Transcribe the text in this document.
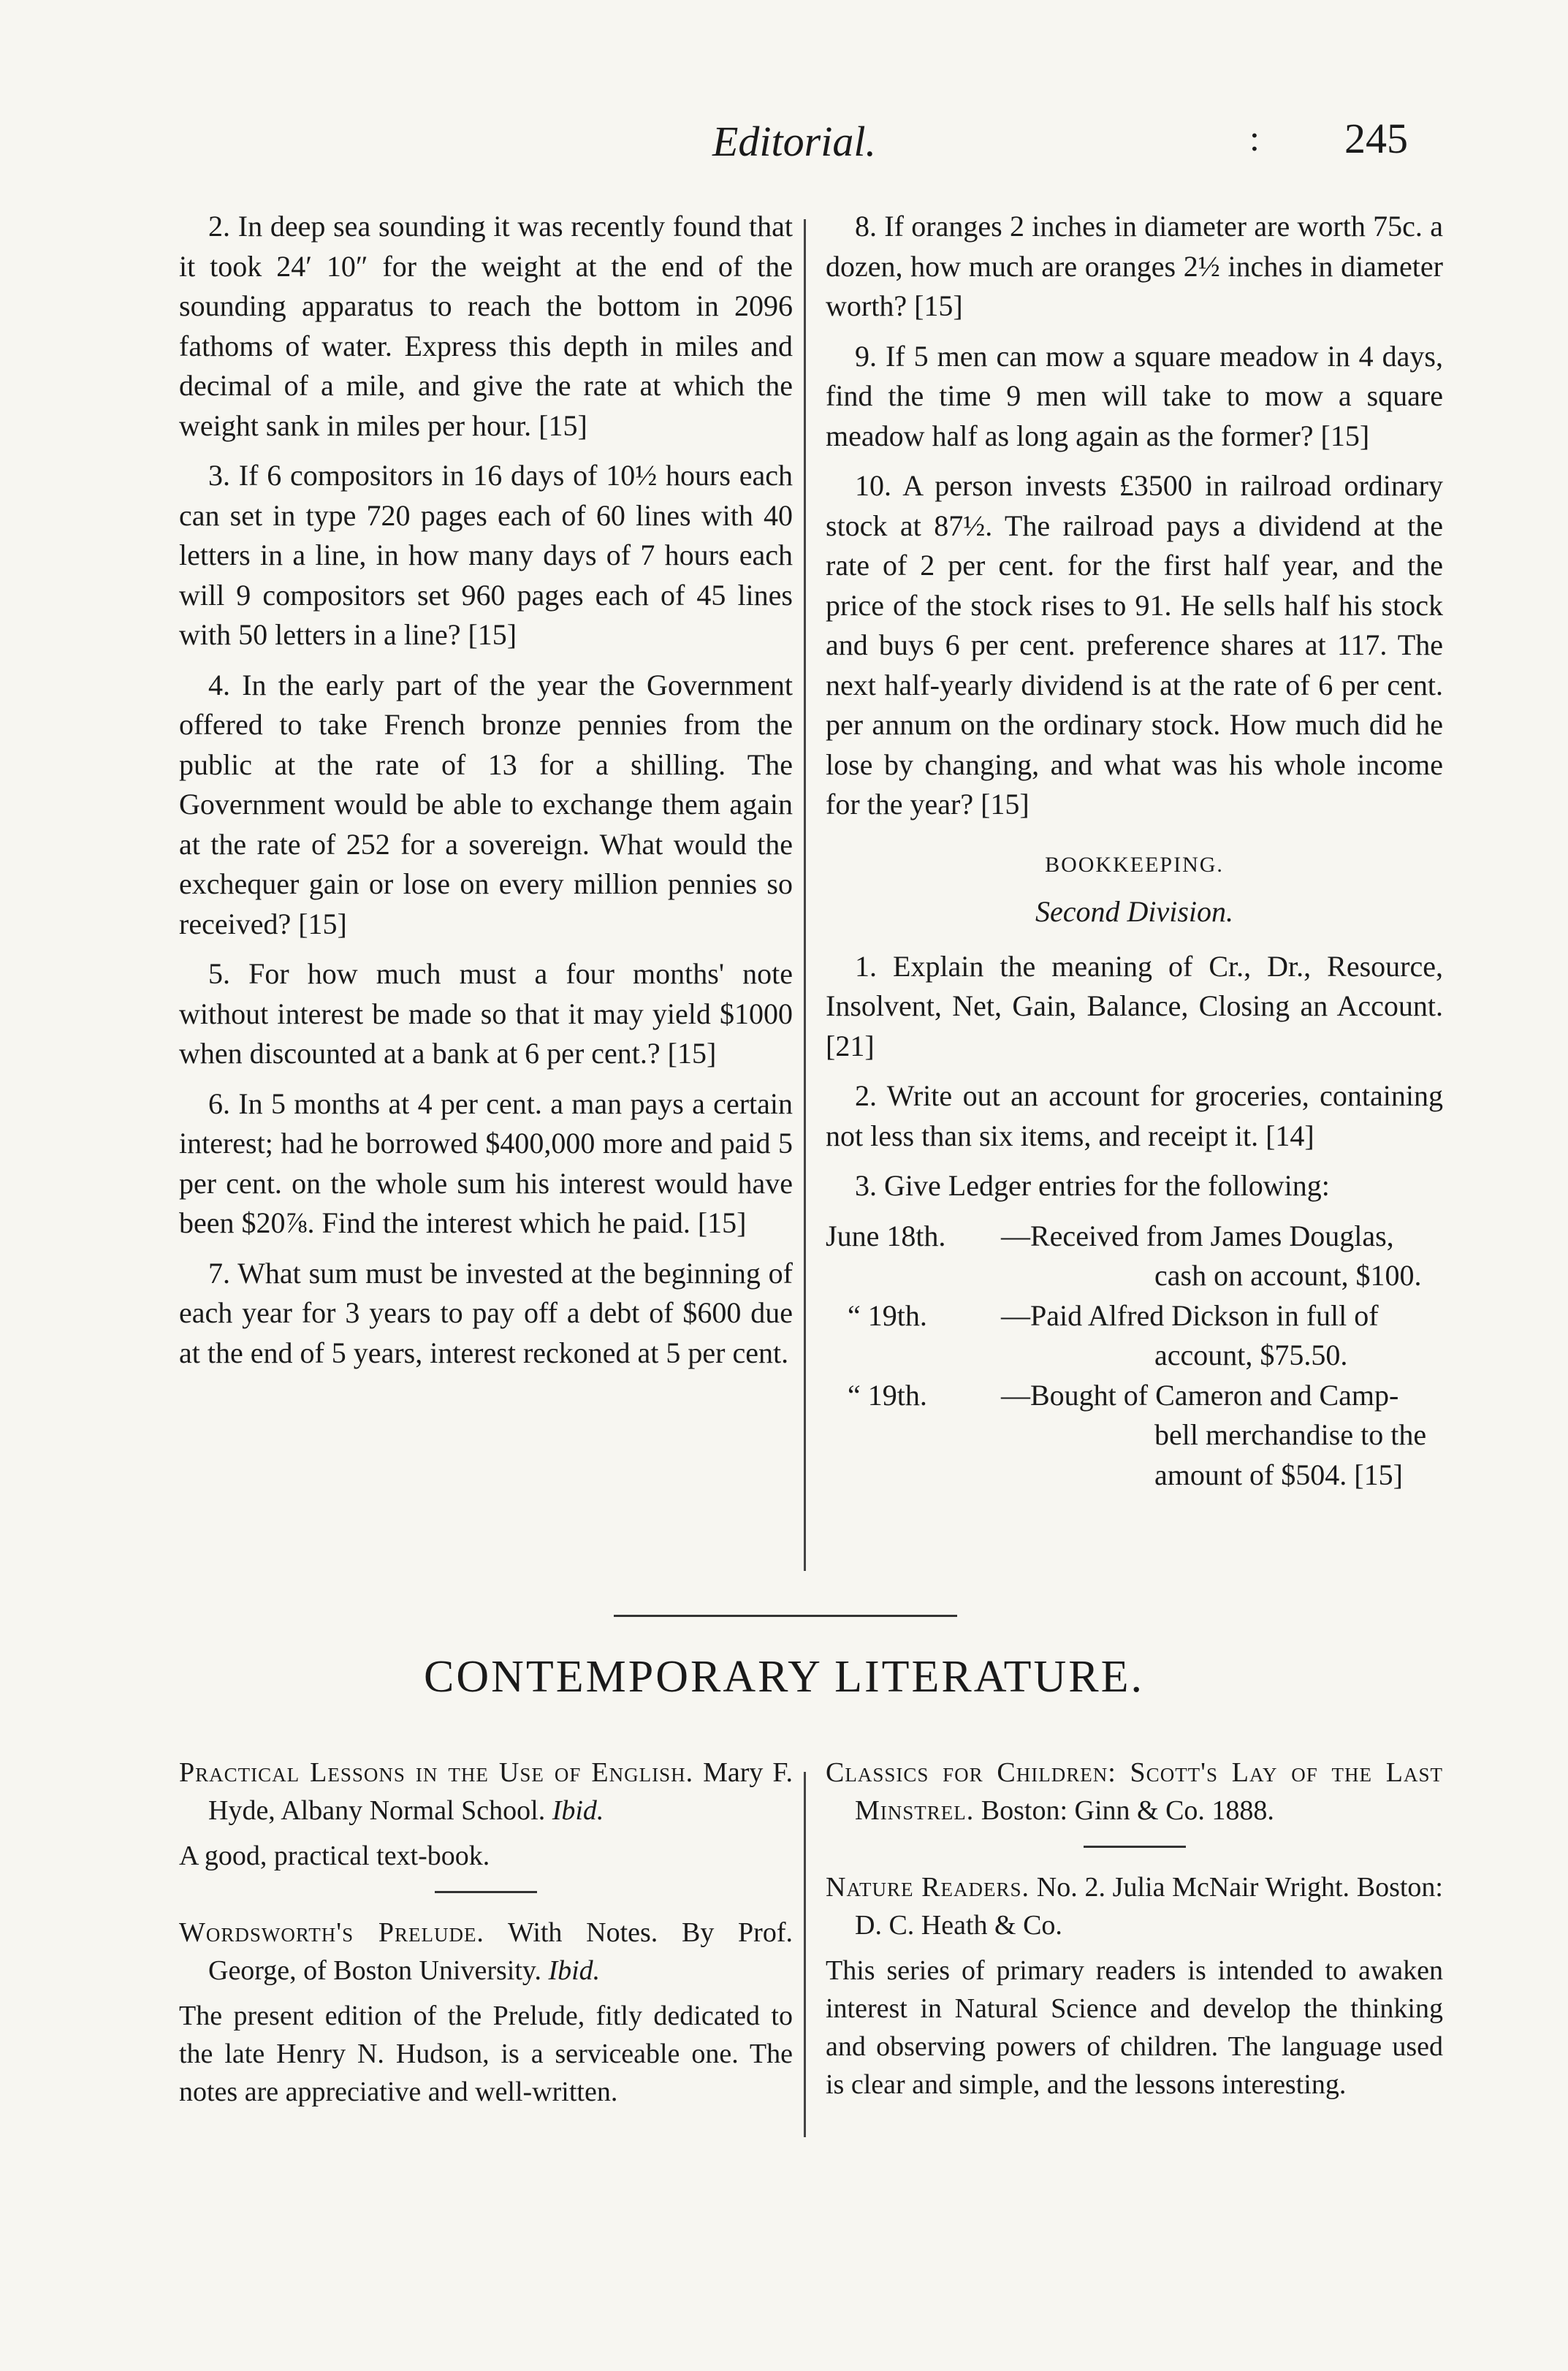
Editorial.	: 245

2. In deep sea sounding it was recently found that it took 24′ 10″ for the weight at the end of the sounding apparatus to reach the bottom in 2096 fathoms of water. Express this depth in miles and decimal of a mile, and give the rate at which the weight sank in miles per hour. [15]

3. If 6 compositors in 16 days of 10½ hours each can set in type 720 pages each of 60 lines with 40 letters in a line, in how many days of 7 hours each will 9 compositors set 960 pages each of 45 lines with 50 letters in a line? [15]

4. In the early part of the year the Government offered to take French bronze pennies from the public at the rate of 13 for a shilling. The Government would be able to exchange them again at the rate of 252 for a sovereign. What would the exchequer gain or lose on every million pennies so received? [15]

5. For how much must a four months' note without interest be made so that it may yield $1000 when discounted at a bank at 6 per cent.? [15]

6. In 5 months at 4 per cent. a man pays a certain interest; had he borrowed $400,000 more and paid 5 per cent. on the whole sum his interest would have been $20⅞. Find the interest which he paid. [15]

7. What sum must be invested at the beginning of each year for 3 years to pay off a debt of $600 due at the end of 5 years, interest reckoned at 5 per cent.

8. If oranges 2 inches in diameter are worth 75c. a dozen, how much are oranges 2½ inches in diameter worth? [15]

9. If 5 men can mow a square meadow in 4 days, find the time 9 men will take to mow a square meadow half as long again as the former? [15]

10. A person invests £3500 in railroad ordinary stock at 87½. The railroad pays a dividend at the rate of 2 per cent. for the first half year, and the price of the stock rises to 91. He sells half his stock and buys 6 per cent. preference shares at 117. The next half-yearly dividend is at the rate of 6 per cent. per annum on the ordinary stock. How much did he lose by changing, and what was his whole income for the year? [15]

BOOKKEEPING.
Second Division.

1. Explain the meaning of Cr., Dr., Resource, Insolvent, Net, Gain, Balance, Closing an Account. [21]

2. Write out an account for groceries, containing not less than six items, and receipt it. [14]

3. Give Ledger entries for the following:

June 18th.	—Received from James Douglas,
cash on account, $100.
“ 19th.	—Paid Alfred Dickson in full of
account, $75.50.
“ 19th.	—Bought of Cameron and Camp-
bell merchandise to the amount of $504. [15]
CONTEMPORARY LITERATURE.

Practical Lessons in the Use of English. Mary F. Hyde, Albany Normal School. Ibid.

A good, practical text-book.

Wordsworth's Prelude. With Notes. By Prof. George, of Boston University. Ibid.

The present edition of the Prelude, fitly dedicated to the late Henry N. Hudson, is a serviceable one. The notes are appreciative and well-written.

Classics for Children: Scott's Lay of the Last Minstrel. Boston: Ginn & Co. 1888.

Nature Readers. No. 2. Julia McNair Wright. Boston: D. C. Heath & Co.

This series of primary readers is intended to awaken interest in Natural Science and develop the thinking and observing powers of children. The language used is clear and simple, and the lessons interesting.
